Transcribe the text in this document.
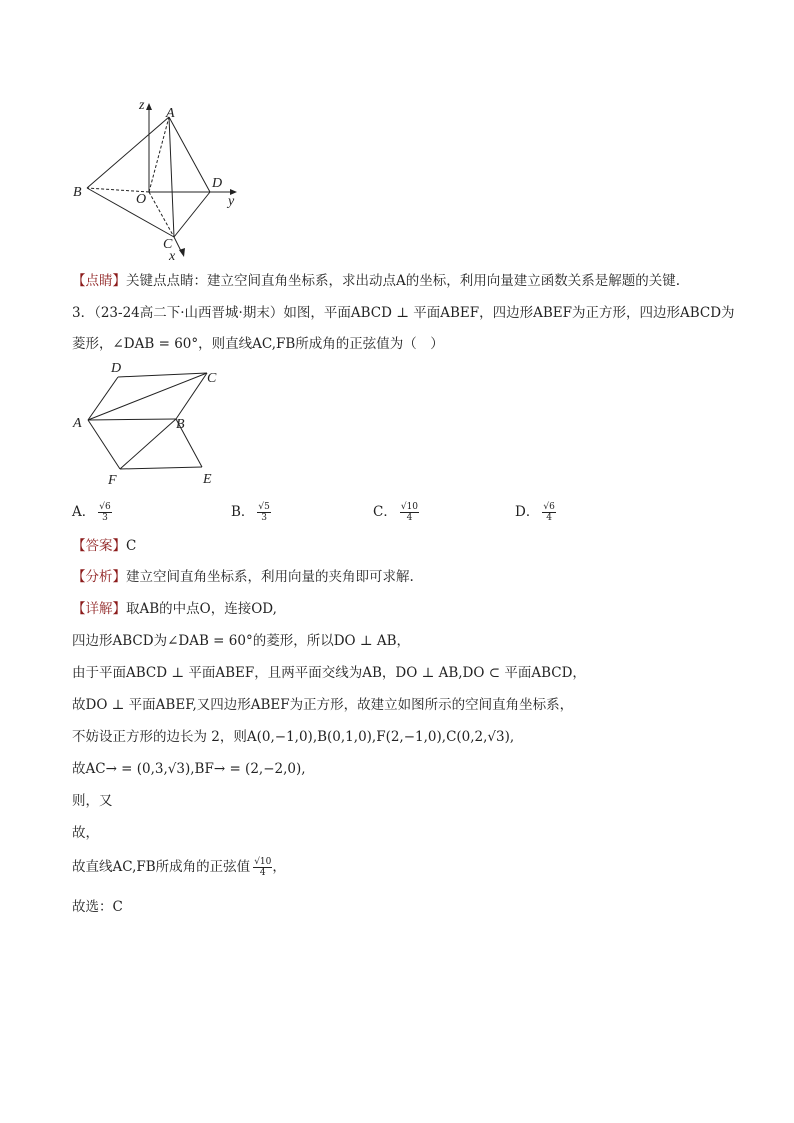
z
A
B	O
D
y
C
x
【点睛】关键点点睛：建立空间直角坐标系，求出动点A的坐标，利用向量建立函数关系是解题的关键.
3．（23-24高二下·山西晋城·期末）如图，平面ABCD ⊥ 平面ABEF，四边形ABEF为正方形，四边形ABCD为
菱形，∠DAB = 60°，则直线AC,FB所成角的正弦值为（　）
D
C
A	B
F	E
A． $\frac{√6}{3}$	B． $\frac{√5}{3}$	C． $\frac{√10}{4}$	D． $\frac{√6}{4}$
【答案】C
【分析】建立空间直角坐标系，利用向量的夹角即可求解.
【详解】取AB的中点O，连接OD,
四边形ABCD为∠DAB = 60°的菱形，所以DO ⊥ AB，
由于平面ABCD ⊥ 平面ABEF，且两平面交线为AB，DO ⊥ AB,DO ⊂ 平面ABCD，
故DO ⊥ 平面ABEF,又四边形ABEF为正方形，故建立如图所示的空间直角坐标系，
不妨设正方形的边长为 2，则A(0,−1,0),B(0,1,0),F(2,−1,0),C(0,2,√3),
故AC→ = (0,3,√3),BF→ = (2,−2,0),
则，又
故，
故直线AC,FB所成角的正弦值 $\frac{√10}{4}$ ，
故选：C
